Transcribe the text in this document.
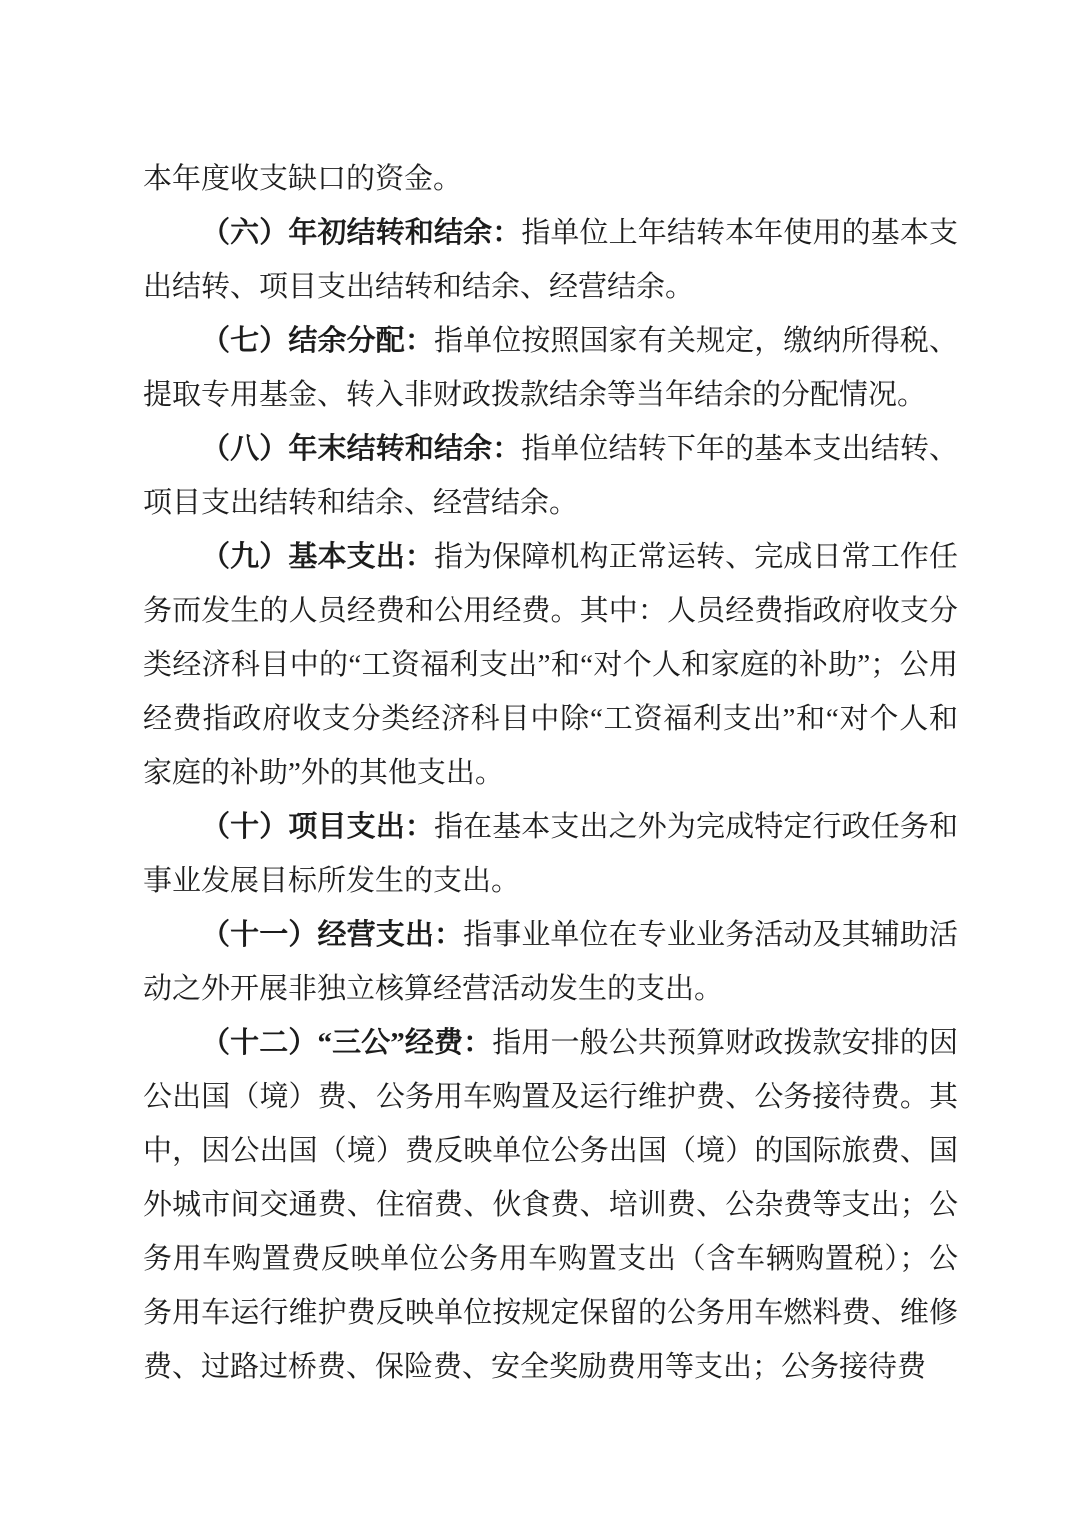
本年度收支缺口的资金。

（六）年初结转和结余：指单位上年结转本年使用的基本支出结转、项目支出结转和结余、经营结余。

（七）结余分配：指单位按照国家有关规定，缴纳所得税、提取专用基金、转入非财政拨款结余等当年结余的分配情况。

（八）年末结转和结余：指单位结转下年的基本支出结转、项目支出结转和结余、经营结余。

（九）基本支出：指为保障机构正常运转、完成日常工作任务而发生的人员经费和公用经费。其中：人员经费指政府收支分类经济科目中的“工资福利支出”和“对个人和家庭的补助”；公用经费指政府收支分类经济科目中除“工资福利支出”和“对个人和家庭的补助”外的其他支出。

（十）项目支出：指在基本支出之外为完成特定行政任务和事业发展目标所发生的支出。

（十一）经营支出：指事业单位在专业业务活动及其辅助活动之外开展非独立核算经营活动发生的支出。

（十二）“三公”经费：指用一般公共预算财政拨款安排的因公出国（境）费、公务用车购置及运行维护费、公务接待费。其中，因公出国（境）费反映单位公务出国（境）的国际旅费、国外城市间交通费、住宿费、伙食费、培训费、公杂费等支出；公务用车购置费反映单位公务用车购置支出（含车辆购置税）；公务用车运行维护费反映单位按规定保留的公务用车燃料费、维修费、过路过桥费、保险费、安全奖励费用等支出；公务接待费
